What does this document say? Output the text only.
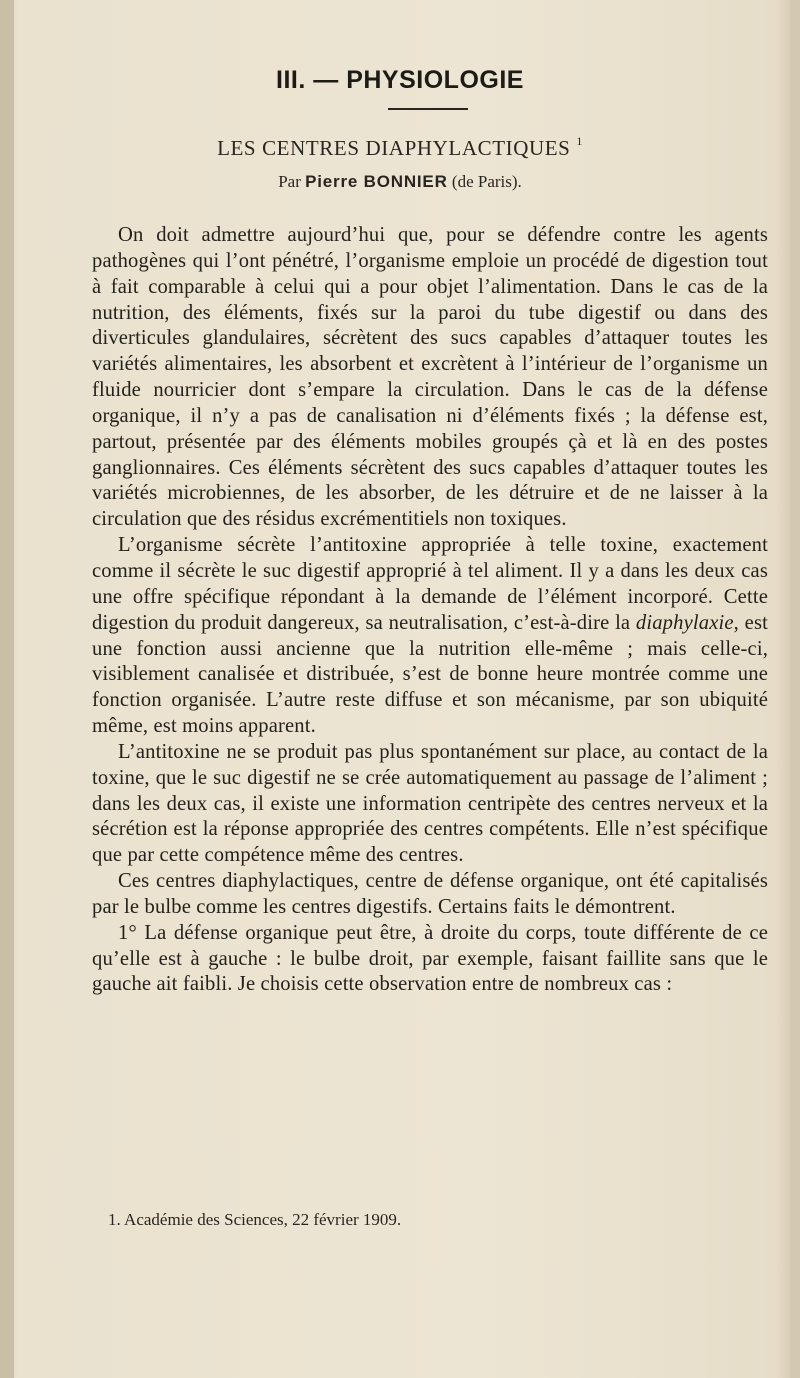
III. — PHYSIOLOGIE
LES CENTRES DIAPHYLACTIQUES $^1$
Par Pierre BONNIER (de Paris).

On doit admettre aujourd’hui que, pour se défendre contre les agents pathogènes qui l’ont pénétré, l’organisme emploie un procédé de digestion tout à fait comparable à celui qui a pour objet l’alimentation. Dans le cas de la nutrition, des éléments, fixés sur la paroi du tube digestif ou dans des diverticules glandulaires, sécrètent des sucs capables d’attaquer toutes les variétés alimentaires, les absorbent et excrètent à l’intérieur de l’organisme un fluide nourricier dont s’empare la circulation. Dans le cas de la défense organique, il n’y a pas de canalisation ni d’éléments fixés ; la défense est, partout, présentée par des éléments mobiles groupés çà et là en des postes ganglionnaires. Ces éléments sécrètent des sucs capables d’attaquer toutes les variétés microbiennes, de les absorber, de les détruire et de ne laisser à la circulation que des résidus excrémentitiels non toxiques.

L’organisme sécrète l’antitoxine appropriée à telle toxine, exactement comme il sécrète le suc digestif approprié à tel aliment. Il y a dans les deux cas une offre spécifique répondant à la demande de l’élément incorporé. Cette digestion du produit dangereux, sa neutralisation, c’est-à-dire la diaphylaxie, est une fonction aussi ancienne que la nutrition elle-même ; mais celle-ci, visiblement canalisée et distribuée, s’est de bonne heure montrée comme une fonction organisée. L’autre reste diffuse et son mécanisme, par son ubiquité même, est moins apparent.

L’antitoxine ne se produit pas plus spontanément sur place, au contact de la toxine, que le suc digestif ne se crée automatiquement au passage de l’aliment ; dans les deux cas, il existe une information centripète des centres nerveux et la sécrétion est la réponse appropriée des centres compétents. Elle n’est spécifique que par cette compétence même des centres.

Ces centres diaphylactiques, centre de défense organique, ont été capitalisés par le bulbe comme les centres digestifs. Certains faits le démontrent.

1° La défense organique peut être, à droite du corps, toute différente de ce qu’elle est à gauche : le bulbe droit, par exemple, faisant faillite sans que le gauche ait faibli. Je choisis cette observation entre de nombreux cas :

1. Académie des Sciences, 22 février 1909.
